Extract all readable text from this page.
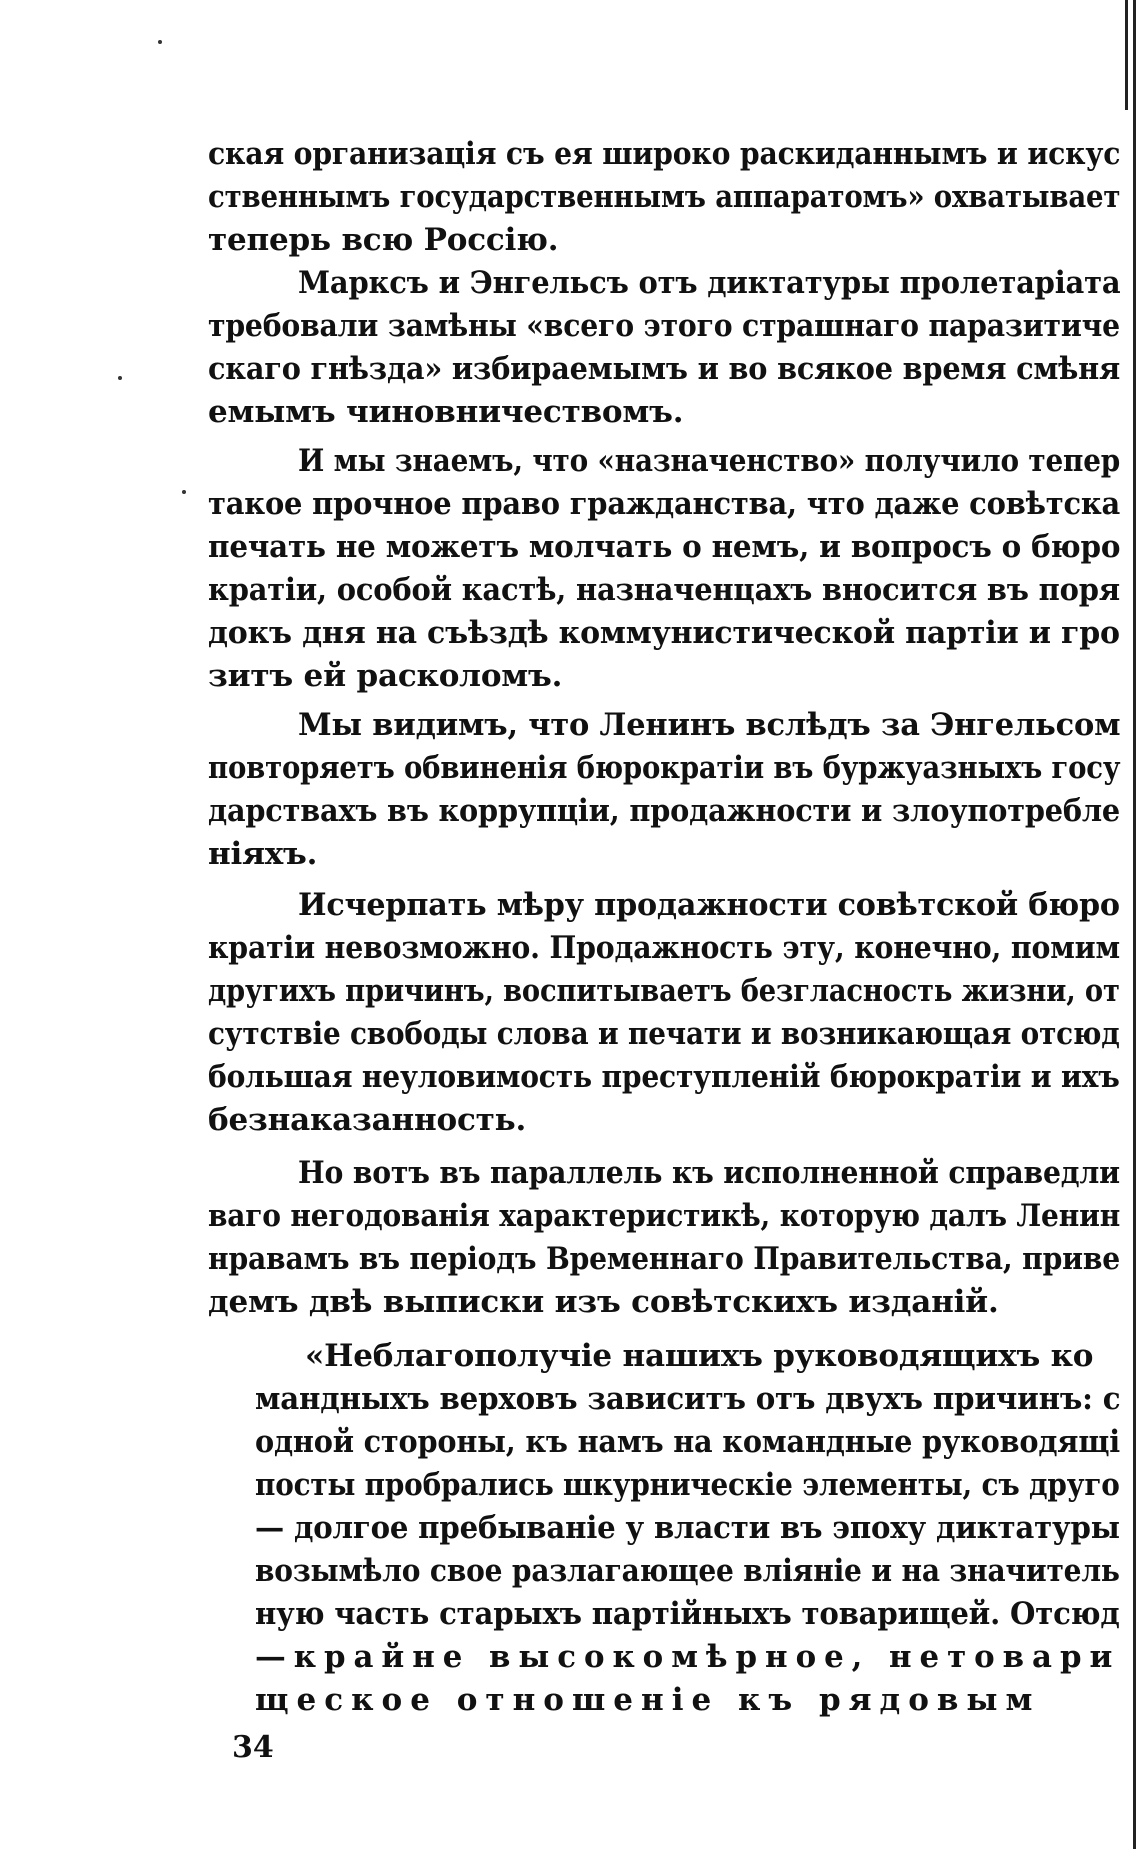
ская организація съ ея широко раскиданнымъ и искус
ственнымъ государственнымъ аппаратомъ» охватывает
теперь всю Россію.
Марксъ и Энгельсъ отъ диктатуры пролетаріата
требовали замѣны «всего этого страшнаго паразитиче
скаго гнѣзда» избираемымъ и во всякое время смѣня
емымъ чиновничествомъ.
И мы знаемъ, что «назначенство» получило тепер
такое прочное право гражданства, что даже совѣтска
печать не можетъ молчать о немъ, и вопросъ о бюро
кратіи, особой кастѣ, назначенцахъ вносится въ поря
докъ дня на съѣздѣ коммунистической партіи и гро
зитъ ей расколомъ.
Мы видимъ, что Ленинъ вслѣдъ за Энгельсом
повторяетъ обвиненія бюрократіи въ буржуазныхъ госу
дарствахъ въ коррупціи, продажности и злоупотребле
ніяхъ.
Исчерпать мѣру продажности совѣтской бюро
кратіи невозможно. Продажность эту, конечно, помим
другихъ причинъ, воспитываетъ безгласность жизни, от
сутствіе свободы слова и печати и возникающая отсюд
большая неуловимость преступленій бюрократіи и ихъ
безнаказанность.
Но вотъ въ параллель къ исполненной справедли
ваго негодованія характеристикѣ, которую далъ Ленин
нравамъ въ періодъ Временнаго Правительства, приве
демъ двѣ выписки изъ совѣтскихъ изданій.
«Неблагополучіе нашихъ руководящихъ ко
мандныхъ верховъ зависитъ отъ двухъ причинъ: с
одной стороны, къ намъ на командные руководящі
посты пробрались шкурническіе элементы, съ друго
— долгое пребываніе у власти въ эпоху диктатуры
возымѣло свое разлагающее вліяніе и на значитель
ную часть старыхъ партійныхъ товарищей. Отсюд
—крайне высокомѣрное, нетовари
щеское отношеніе къ рядовым
34
